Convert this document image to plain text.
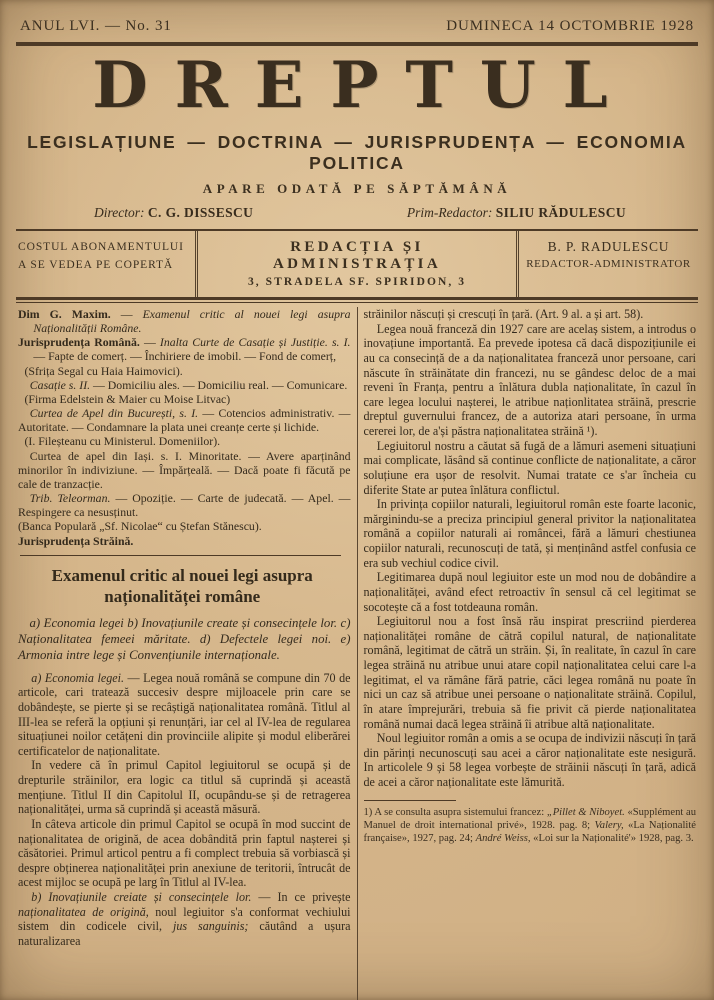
ANUL LVI. — No. 31	DUMINECA 14 OCTOMBRIE 1928
DREPTUL
LEGISLAȚIUNE — DOCTRINA — JURISPRUDENȚA — ECONOMIA POLITICA
APARE ODATĂ PE SĂPTĂMÂNĂ
Director: C. G. DISSESCU	Prim-Redactor: SILIU RĂDULESCU
COSTUL ABONAMENTULUI
A SE VEDEA PE COPERTĂ
REDACȚIA ȘI ADMINISTRAȚIA
3, STRADELA SF. SPIRIDON, 3
B. P. RADULESCU
REDACTOR-ADMINISTRATOR

Dim G. Maxim. — Examenul critic al nouei legi asupra Naționalității Române.

Jurisprudența Română. — Inalta Curte de Casație și Justiție. s. I. — Fapte de comerț. — Închiriere de imobil. — Fond de comerț,

(Sfrița Segal cu Haia Haimovici).

Casație s. II. — Domiciliu ales. — Domiciliu real. — Comunicare.

(Firma Edelstein & Maier cu Moise Litvac)

Curtea de Apel din București, s. I. — Cotencios administrativ. — Autoritate. — Condamnare la plata unei creanțe certe și lichide.

(I. Fileșteanu cu Ministerul. Domeniilor).

Curtea de apel din Iași. s. I. Minoritate. — Avere aparținând minorilor în indiviziune. — Împărțeală. — Dacă poate fi făcută pe cale de tranzacție.

Trib. Teleorman. — Opoziție. — Carte de judecată. — Apel. — Respingere ca nesusținut.

(Banca Populară „Sf. Nicolae“ cu Ștefan Stănescu).

Jurisprudența Străină.

Examenul critic al nouei legi asupra
naționalităței române
a) Economia legei b) Inovațiunile create și consecințele lor. c) Naționalitatea femeei măritate. d) Defectele legei noi. e) Armonia intre lege și Convențiunile internaționale.

a) Economia legei. — Legea nouă română se compune din 70 de articole, cari tratează succesiv despre mijloacele prin care se dobândește, se pierte și se recâștigă naționalitatea română. Titlul al III-lea se referă la opțiuni și renunțări, iar cel al IV-lea de regularea situațiunei noilor cetățeni din provinciile alipite și modul eliberărei certificatelor de naționalitate.

In vedere că în primul Capitol legiuitorul se ocupă și de drepturile străinilor, era logic ca titlul să cuprindă și această mențiune. Titlul II din Capitolul II, ocupându-se și de retragerea naționalităței, urma să cuprindă și această măsură.

In câteva articole din primul Capitol se ocupă în mod succint de naționalitatea de origină, de acea dobândită prin faptul nașterei și căsătoriei. Primul articol pentru a fi complect trebuia să vorbiască și despre obținerea naționalităței prin anexiune de teritorii, întrucât de acest mijloc se ocupă pe larg în Titlul al IV-lea.

b) Inovațiunile creiate și consecințele lor. — In ce privește naționalitatea de origină, noul legiuitor s'a conformat vechiului sistem din codicele civil, jus sanguinis; căutând a ușura naturalizarea

străinilor născuți și crescuți în țară. (Art. 9 al. a și art. 58).

Legea nouă franceză din 1927 care are acelaș sistem, a introdus o inovațiune importantă. Ea prevede ipotesa că dacă dispozițiunile ei au ca consecință de a da naționalitatea franceză unor persoane, cari născute în străinătate din francezi, nu se gândesc deloc de a mai reveni în Franța, pentru a înlătura dubla naționalitate, în cazul în care legea locului nașterei, le atribue naționlitatea străină, prescrie dreptul guvernului francez, de a autoriza atari persoane, în urma cererei lor, de a'și păstra naționalitatea străină ¹).

Legiuitorul nostru a căutat să fugă de a lămuri asemeni situațiuni mai complicate, lăsând să continue conflicte de naționalitate, a căror soluțiune era ușor de resolvit. Numai tratate ce s'ar încheia cu diferite State ar putea înlătura conflictul.

In privința copiilor naturali, legiuitorul român este foarte laconic, mărginindu-se a preciza principiul general privitor la naționalitatea română a copiilor naturali ai româncei, fără a lămuri chestiunea copiilor naturali, recunoscuți de tată, și menținând astfel confusia ce era sub vechiul codice civil.

Legitimarea după noul legiuitor este un mod nou de dobândire a naționalităței, având efect retroactiv în sensul că cel legitimat se socotește că a fost totdeauna român.

Legiuitorul nou a fost însă rău inspirat prescriind pierderea naționalităței române de cătră copilul natural, de naționalitate română, legitimat de cătră un străin. Și, în realitate, în cazul în care legea străină nu atribue unui atare copil naționalitatea celui care l-a legitimat, el va rămâne fără patrie, căci legea română nu poate în nici un caz să atribue unei persoane o naționalitate străină. Copilul, în atare împrejurări, trebuia să fie privit că pierde naționalitatea română numai dacă legea străină îi atribue altă naționalitate.

Noul legiuitor român a omis a se ocupa de indivizii născuți în țară din părinți necunoscuți sau acei a căror naționalitate este nesigură. In articolele 9 și 58 legea vorbește de străinii născuți în țară, adică de acei a căror naționalitate este lămurită.

1) A se consulta asupra sistemului francez: „Pillet & Niboyet. «Supplément au Manuel de droit international privé», 1928. pag. 8; Valery, «La Naționalité française», 1927, pag. 24; André Weiss, «Loi sur la Naționalité'» 1928, pag. 3.
